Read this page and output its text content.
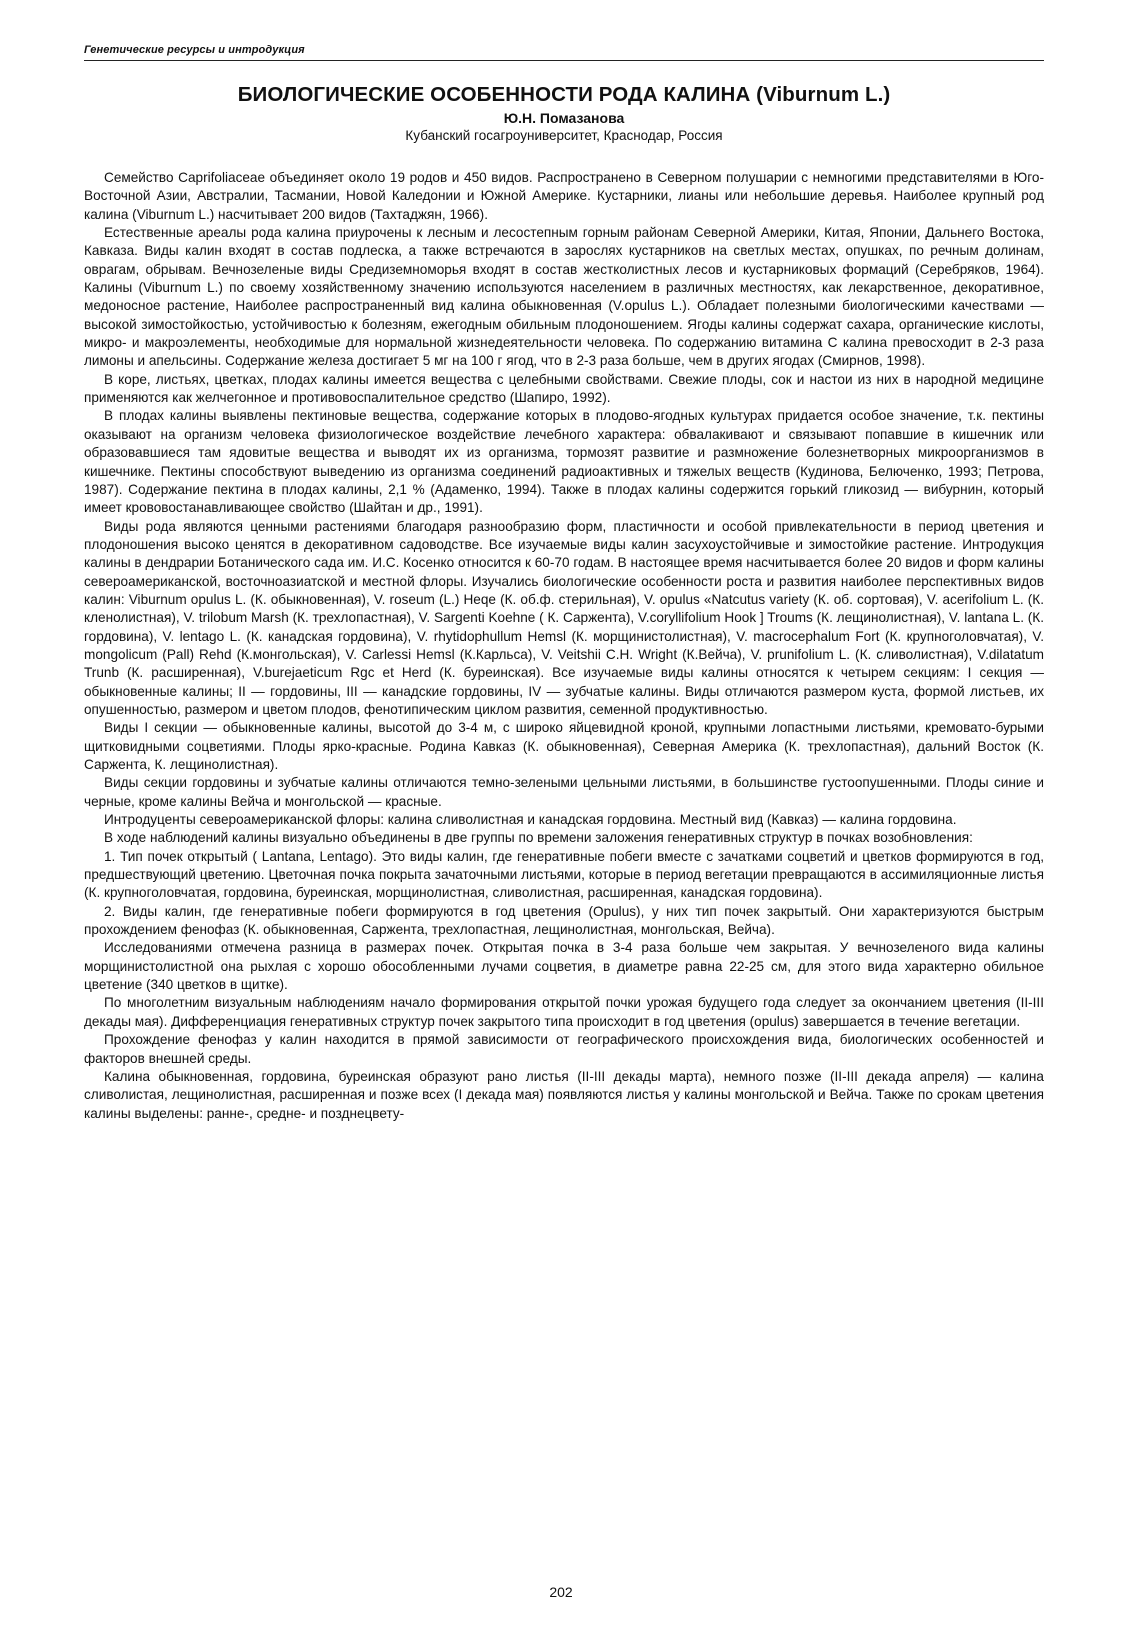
Генетические ресурсы и интродукция
БИОЛОГИЧЕСКИЕ ОСОБЕННОСТИ РОДА КАЛИНА (Viburnum L.)
Ю.Н. Помазанова
Кубанский госагроуниверситет, Краснодар, Россия

Семейство Caprifoliaceae объединяет около 19 родов и 450 видов. Распространено в Северном полушарии с немногими представителями в Юго-Восточной Азии, Австралии, Тасмании, Новой Каледонии и Южной Америке. Кустарники, лианы или небольшие деревья. Наиболее крупный род калина (Viburnum L.) насчитывает 200 видов (Тахтаджян, 1966).

Естественные ареалы рода калина приурочены к лесным и лесостепным горным районам Северной Америки, Китая, Японии, Дальнего Востока, Кавказа. Виды калин входят в состав подлеска, а также встречаются в зарослях кустарников на светлых местах, опушках, по речным долинам, оврагам, обрывам. Вечнозеленые виды Средиземноморья входят в состав жестколистных лесов и кустарниковых формаций (Серебряков, 1964). Калины (Viburnum L.) по своему хозяйственному значению используются населением в различных местностях, как лекарственное, декоративное, медоносное растение, Наиболее распространенный вид калина обыкновенная (V.opulus L.). Обладает полезными биологическими качествами — высокой зимостойкостью, устойчивостью к болезням, ежегодным обильным плодоношением. Ягоды калины содержат сахара, органические кислоты, микро- и макроэлементы, необходимые для нормальной жизнедеятельности человека. По содержанию витамина С калина превосходит в 2-3 раза лимоны и апельсины. Содержание железа достигает 5 мг на 100 г ягод, что в 2-3 раза больше, чем в других ягодах (Смирнов, 1998).

В коре, листьях, цветках, плодах калины имеется вещества с целебными свойствами. Свежие плоды, сок и настои из них в народной медицине применяются как желчегонное и противовоспалительное средство (Шапиро, 1992).

В плодах калины выявлены пектиновые вещества, содержание которых в плодово-ягодных культурах придается особое значение, т.к. пектины оказывают на организм человека физиологическое воздействие лечебного характера: обвалакивают и связывают попавшие в кишечник или образовавшиеся там ядовитые вещества и выводят их из организма, тормозят развитие и размножение болезнетворных микроорганизмов в кишечнике. Пектины способствуют выведению из организма соединений радиоактивных и тяжелых веществ (Кудинова, Белюченко, 1993; Петрова, 1987). Содержание пектина в плодах калины, 2,1 % (Адаменко, 1994). Также в плодах калины содержится горький гликозид — вибурнин, который имеет крововостанавливающее свойство (Шайтан и др., 1991).

Виды рода являются ценными растениями благодаря разнообразию форм, пластичности и особой привлекательности в период цветения и плодоношения высоко ценятся в декоративном садоводстве. Все изучаемые виды калин засухоустойчивые и зимостойкие растение. Интродукция калины в дендрарии Ботанического сада им. И.С. Косенко относится к 60-70 годам. В настоящее время насчитывается более 20 видов и форм калины североамериканской, восточноазиатской и местной флоры. Изучались биологические особенности роста и развития наиболее перспективных видов калин: Viburnum opulus L. (К. обыкновенная), V. roseum (L.) Heqe (К. об.ф. стерильная), V. opulus «Natcutus variety (К. об. сортовая), V. acerifolium L. (К. кленолистная), V. trilobum Marsh (К. трехлопастная), V. Sargenti Koehne ( К. Саржента), V.coryllifolium Hook ] Troums (К. лещинолистная), V. lantana L. (К. гордовина), V. lentago L. (К. канадская гордовина), V. rhytidophullum Hemsl (К. морщинистолистная), V. macrocephalum Fort (К. крупноголовчатая), V. mongolicum (Pall) Rehd (К.монгольская), V. Carlessi Hemsl (К.Карльса), V. Veitshii C.H. Wright (К.Вейча), V. prunifolium L. (К. сливолистная), V.dilatatum Trunb (К. расширенная), V.burejaeticum Rgc et Herd (К. буреинская). Все изучаемые виды калины относятся к четырем секциям: I секция — обыкновенные калины; II — гордовины, III — канадские гордовины, IV — зубчатые калины. Виды отличаются размером куста, формой листьев, их опушенностью, размером и цветом плодов, фенотипическим циклом развития, семенной продуктивностью.

Виды I секции — обыкновенные калины, высотой до 3-4 м, с широко яйцевидной кроной, крупными лопастными листьями, кремовато-бурыми щитковидными соцветиями. Плоды ярко-красные. Родина Кавказ (К. обыкновенная), Северная Америка (К. трехлопастная), дальний Восток (К. Саржента, К. лещинолистная).

Виды секции гордовины и зубчатые калины отличаются темно-зелеными цельными листьями, в большинстве густоопушенными. Плоды синие и черные, кроме калины Вейча и монгольской — красные.

Интродуценты североамериканской флоры: калина сливолистная и канадская гордовина. Местный вид (Кавказ) — калина гордовина.

В ходе наблюдений калины визуально объединены в две группы по времени заложения генеративных структур в почках возобновления:

1. Тип почек открытый ( Lantana, Lentago). Это виды калин, где генеративные побеги вместе с зачатками соцветий и цветков формируются в год, предшествующий цветению. Цветочная почка покрыта зачаточными листьями, которые в период вегетации превращаются в ассимиляционные листья (К. крупноголовчатая, гордовина, буреинская, морщинолистная, сливолистная, расширенная, канадская гордовина).

2. Виды калин, где генеративные побеги формируются в год цветения (Opulus), у них тип почек закрытый. Они характеризуются быстрым прохождением фенофаз (К. обыкновенная, Саржента, трехлопастная, лещинолистная, монгольская, Вейча).

Исследованиями отмечена разница в размерах почек. Открытая почка в 3-4 раза больше чем закрытая. У вечнозеленого вида калины морщинистолистной она рыхлая с хорошо обособленными лучами соцветия, в диаметре равна 22-25 см, для этого вида характерно обильное цветение (340 цветков в щитке).

По многолетним визуальным наблюдениям начало формирования открытой почки урожая будущего года следует за окончанием цветения (II-III декады мая). Дифференциация генеративных структур почек закрытого типа происходит в год цветения (opulus) завершается в течение вегетации.

Прохождение фенофаз у калин находится в прямой зависимости от географического происхождения вида, биологических особенностей и факторов внешней среды.

Калина обыкновенная, гордовина, буреинская образуют рано листья (II-III декады марта), немного позже (II-III декада апреля) — калина сливолистая, лещинолистная, расширенная и позже всех (I декада мая) появляются листья у калины монгольской и Вейча. Также по срокам цветения калины выделены: ранне-, средне- и позднецвету-

202
